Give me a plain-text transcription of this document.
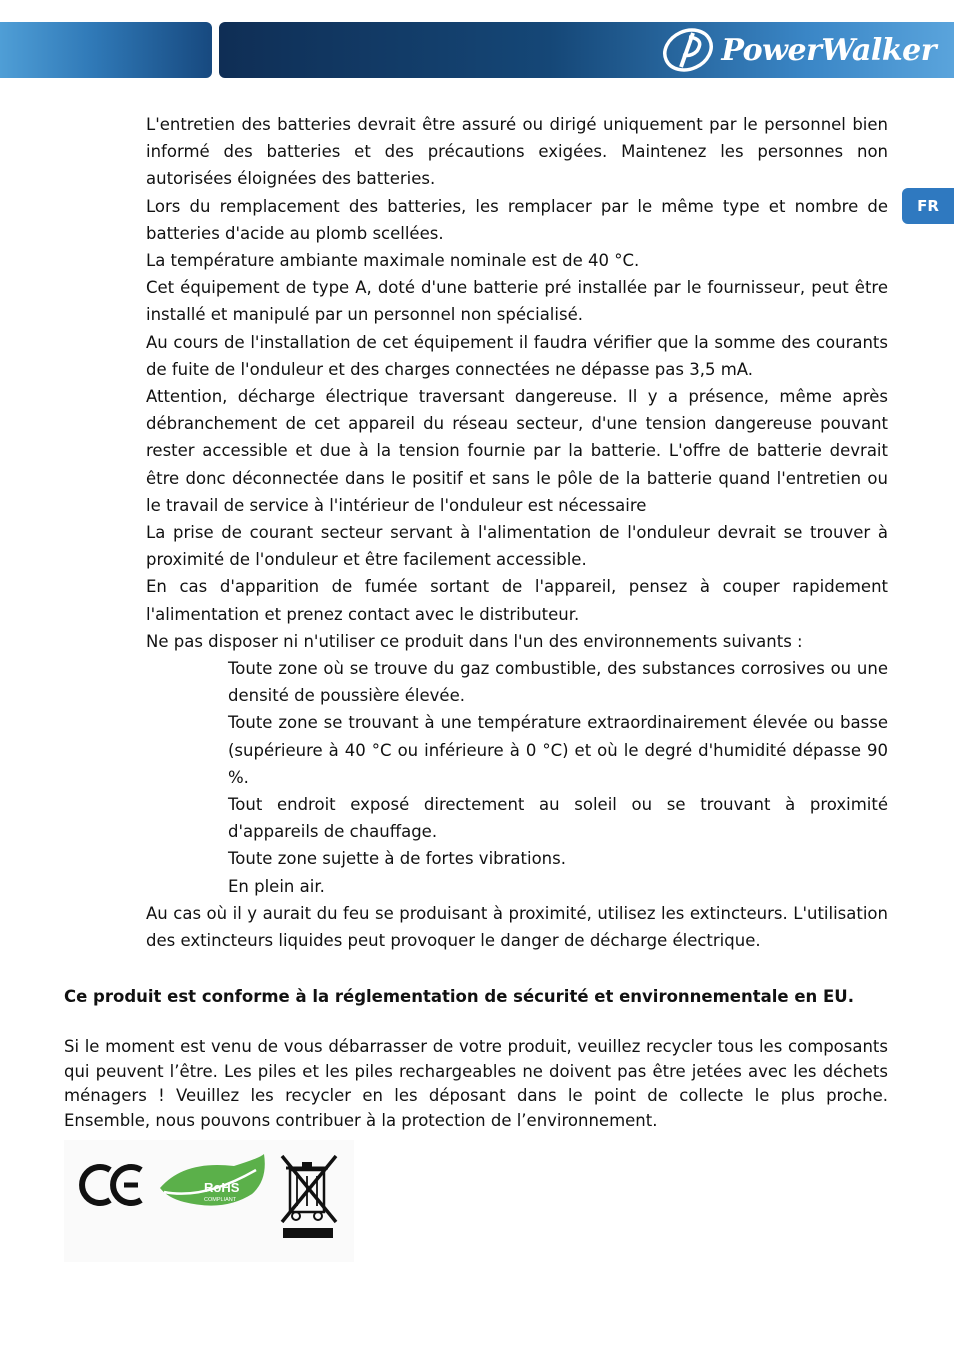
PowerWalker
FR

L'entretien des batteries devrait être assuré ou dirigé uniquement par le personnel bien informé des batteries et des précautions exigées. Maintenez les personnes non autorisées éloignées des batteries.

Lors du remplacement des batteries, les remplacer par le même type et nombre de batteries d'acide au plomb scellées.

La température ambiante maximale nominale est de 40 °C.

Cet équipement de type A, doté d'une batterie pré installée par le fournisseur, peut être installé et manipulé par un personnel non spécialisé.

Au cours de l'installation de cet équipement il faudra vérifier que la somme des courants de fuite de l'onduleur et des charges connectées ne dépasse pas 3,5 mA.

Attention, décharge électrique traversant dangereuse. Il y a présence, même après débranchement de cet appareil du réseau secteur, d'une tension dangereuse pouvant rester accessible et due à la tension fournie par la batterie. L'offre de batterie devrait être donc déconnectée dans le positif et sans le pôle de la batterie quand l'entretien ou le travail de service à l'intérieur de l'onduleur est nécessaire

La prise de courant secteur servant à l'alimentation de l'onduleur devrait se trouver à proximité de l'onduleur et être facilement accessible.

En cas d'apparition de fumée sortant de l'appareil, pensez à couper rapidement l'alimentation et prenez contact avec le distributeur.

Ne pas disposer ni n'utiliser ce produit dans l'un des environnements suivants :

Toute zone où se trouve du gaz combustible, des substances corrosives ou une densité de poussière élevée.

Toute zone se trouvant à une température extraordinairement élevée ou basse (supérieure à 40 °C ou inférieure à 0 °C) et où le degré d'humidité dépasse 90 %.

Tout endroit exposé directement au soleil ou se trouvant à proximité d'appareils de chauffage.

Toute zone sujette à de fortes vibrations.

En plein air.

Au cas où il y aurait du feu se produisant à proximité, utilisez les extincteurs. L'utilisation des extincteurs liquides peut provoquer le danger de décharge électrique.

Ce produit est conforme à la réglementation de sécurité et environnementale en EU.
Si le moment est venu de vous débarrasser de votre produit, veuillez recycler tous les composants qui peuvent l’être. Les piles et les piles rechargeables ne doivent pas être jetées avec les déchets ménagers ! Veuillez les recycler en les déposant dans le point de collecte le plus proche. Ensemble, nous pouvons contribuer à la protection de l’environnement.
RoHS
COMPLIANT
